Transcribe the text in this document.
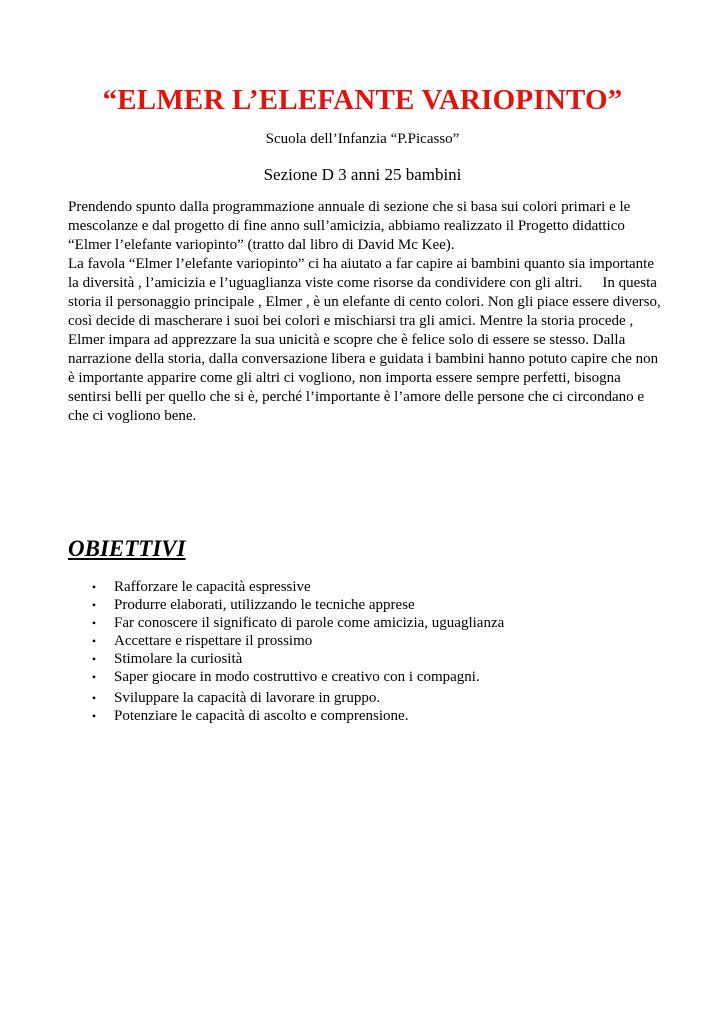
“ELMER L’ELEFANTE VARIOPINTO”
Scuola dell’Infanzia “P.Picasso”
Sezione D 3 anni 25 bambini
Prendendo spunto dalla programmazione annuale di sezione che si basa sui colori primari e le
mescolanze e dal progetto di fine anno sull’amicizia, abbiamo realizzato il Progetto didattico
“Elmer l’elefante variopinto” (tratto dal libro di David Mc Kee).
La favola “Elmer l’elefante variopinto” ci ha aiutato a far capire ai bambini quanto sia importante
la diversità , l’amicizia e l’uguaglianza viste come risorse da condividere con gli altri. In questa
storia il personaggio principale , Elmer , è un elefante di cento colori. Non gli piace essere diverso,
così decide di mascherare i suoi bei colori e mischiarsi tra gli amici. Mentre la storia procede ,
Elmer impara ad apprezzare la sua unicità e scopre che è felice solo di essere se stesso. Dalla
narrazione della storia, dalla conversazione libera e guidata i bambini hanno potuto capire che non
è importante apparire come gli altri ci vogliono, non importa essere sempre perfetti, bisogna
sentirsi belli per quello che si è, perché l’importante è l’amore delle persone che ci circondano e
che ci vogliono bene.
OBIETTIVI
• Rafforzare le capacità espressive
• Produrre elaborati, utilizzando le tecniche apprese
• Far conoscere il significato di parole come amicizia, uguaglianza
• Accettare e rispettare il prossimo
• Stimolare la curiosità
• Saper giocare in modo costruttivo e creativo con i compagni.
• Sviluppare la capacità di lavorare in gruppo.
• Potenziare le capacità di ascolto e comprensione.
